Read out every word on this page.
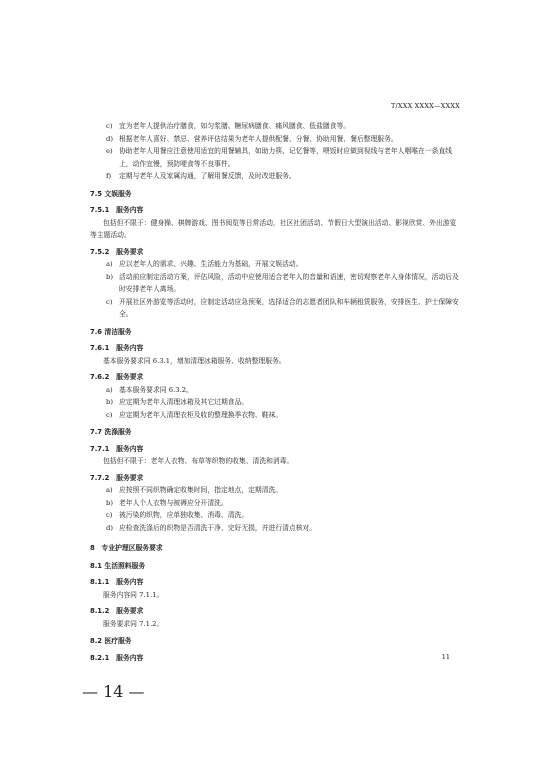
T/XXX XXXX—XXXX
c) 宜为老年人提供治疗膳食，如匀浆膳、糖尿病膳食、痛风膳食、低盐膳食等。
d) 根据老年人喜好、禁忌、营养评估结果为老年人提供配餐、分餐、协助用餐、餐后整理服务。
e) 协助老年人用餐应注意使用适宜的用餐辅具，如助力筷、记忆餐等，喂饭时应做到视线与老年人咽喉在一条直线上，动作宜慢，预防哽食等不良事件。
f)	定期与老年人及家属沟通，了解用餐反馈，及时改进服务。

7.5 文娱服务

7.5.1　服务内容

包括但不限于：健身操、棋牌游戏、图书阅览等日常活动，社区社团活动、节假日大型演出活动、影视欣赏、外出游览等主题活动。

7.5.2　服务要求

a) 应以老年人的需求、兴趣、生活能力为基础，开展文娱活动。
b) 活动前应制定活动方案，评估风险，活动中应使用适合老年人的音量和语速，密切观察老年人身体情况，活动后及时安排老年人离场。
c) 开展社区外游览等活动时，应制定活动应急预案，选择适合的志愿者团队和车辆租赁服务，安排医生、护士保障安全。

7.6 清洁服务

7.6.1　服务内容

基本服务要求同 6.3.1，增加清理冰箱服务、收纳整理服务。

7.6.2　服务要求

a) 基本服务要求同 6.3.2。
b) 应定期为老年人清理冰箱及其它过期食品。
c) 应定期为老年人清理衣柜及收的整理换季衣物、鞋袜。

7.7 洗涤服务

7.7.1　服务内容

包括但不限于：老年人衣物、布草等织物的收集、清洗和消毒。

7.7.2　服务要求

a) 应按照不同织物确定收集时间，指定地点，定期清洗。
b) 老年人个人衣物与被褥应分开清洗。
c) 被污染的织物，应单独收集、消毒、清洗。
d) 应检查洗涤后的织物是否清洗干净、完好无损，并进行清点核对。

8　专业护理区服务要求

8.1 生活照料服务

8.1.1　服务内容

服务内容同 7.1.1。

8.1.2　服务要求

服务要求同 7.1.2。

8.2 医疗服务

8.2.1　服务内容	11
— 14 —
